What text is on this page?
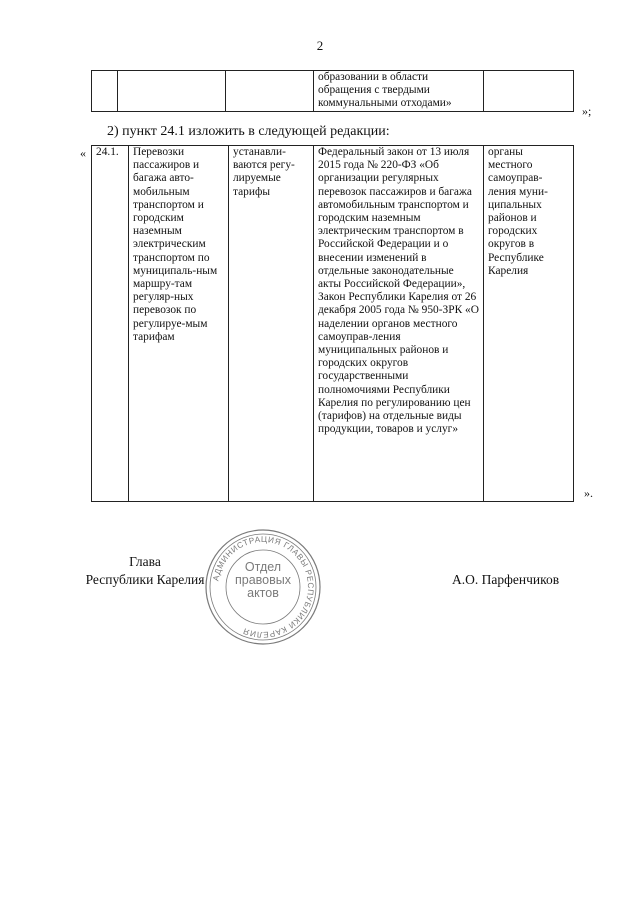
2
			образовании в области обращения с твердыми коммунальными отходами»	
»;
2) пункт 24.1 изложить в следующей редакции:
« 24.1.	Перевозки пассажиров и багажа авто-мобильным транспортом и городским наземным электрическим транспортом по муниципаль-ным маршру-там регуляр-ных перевозок по регулируе-мым тарифам	устанавли-ваются регу-лируемые тарифы	Федеральный закон от 13 июля 2015 года № 220-ФЗ «Об организации регулярных перевозок пассажиров и багажа автомобильным транспортом и городским наземным электрическим транспортом в Российской Федерации и о внесении изменений в отдельные законодательные акты Российской Федерации», Закон Республики Карелия от 26 декабря 2005 года № 950-ЗРК «О наделении органов местного самоуправ-ления муниципальных районов и городских округов государственными полномочиями Республики Карелия по регулированию цен (тарифов) на отдельные виды продукции, товаров и услуг»	органы местного самоуправ-ления муни-ципальных районов и городских округов в Республике Карелия
».
Глава
Республики Карелия АДМИНИСТРАЦИЯ ГЛАВЫ РЕСПУБЛИКИ КАРЕЛИЯ
Отдел
правовых
актов
А.О. Парфенчиков
